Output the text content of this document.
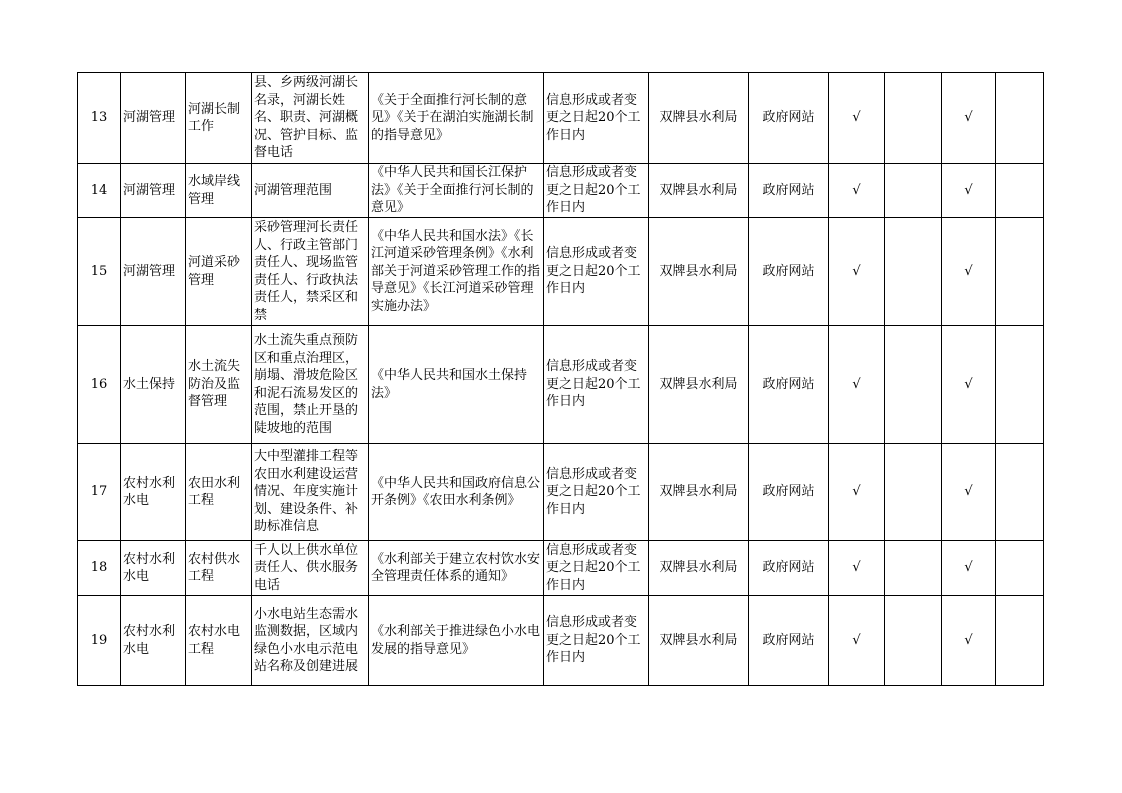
13	河湖管理	河湖长制工作	县、乡两级河湖长名录，河湖长姓名、职责、河湖概况、管护目标、监督电话	《关于全面推行河长制的意见》《关于在湖泊实施湖长制的指导意见》	信息形成或者变更之日起20个工作日内	双牌县水利局	政府网站	√		√	
14	河湖管理	水域岸线管理	河湖管理范围	《中华人民共和国长江保护法》《关于全面推行河长制的意见》	信息形成或者变更之日起20个工作日内	双牌县水利局	政府网站	√		√	
15	河湖管理	河道采砂管理	采砂管理河长责任人、行政主管部门责任人、现场监管责任人、行政执法责任人，禁采区和禁	《中华人民共和国水法》《长江河道采砂管理条例》《水利部关于河道采砂管理工作的指导意见》《长江河道采砂管理实施办法》	信息形成或者变更之日起20个工作日内	双牌县水利局	政府网站	√		√	
16	水土保持	水土流失防治及监督管理	水土流失重点预防区和重点治理区，崩塌、滑坡危险区和泥石流易发区的范围，禁止开垦的陡坡地的范围	《中华人民共和国水土保持法》	信息形成或者变更之日起20个工作日内	双牌县水利局	政府网站	√		√	
17	农村水利水电	农田水利工程	大中型灌排工程等农田水利建设运营情况、年度实施计划、建设条件、补助标准信息	《中华人民共和国政府信息公开条例》《农田水利条例》	信息形成或者变更之日起20个工作日内	双牌县水利局	政府网站	√		√	
18	农村水利水电	农村供水工程	千人以上供水单位责任人、供水服务电话	《水利部关于建立农村饮水安全管理责任体系的通知》	信息形成或者变更之日起20个工作日内	双牌县水利局	政府网站	√		√	
19	农村水利水电	农村水电工程	小水电站生态需水监测数据，区域内绿色小水电示范电站名称及创建进展	《水利部关于推进绿色小水电发展的指导意见》	信息形成或者变更之日起20个工作日内	双牌县水利局	政府网站	√		√	
